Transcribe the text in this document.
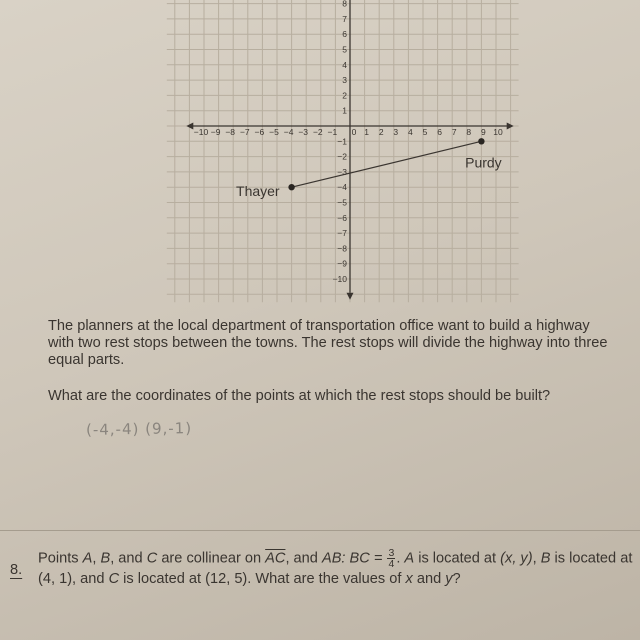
−10 −9 −8 −7 −6 −5 −4 −3 −2 −1 0 1 2 3 4 5 6 7 8 9 10
8
7
6
5
4
3
2
1
−1
−2
−3
−4
−5
−6
−7
−8
−9
−10
Thayer
Purdy

The planners at the local department of transportation office want to build a highway with two rest stops between the towns. The rest stops will divide the highway into three equal parts.

What are the coordinates of the points at which the rest stops should be built?

(-4,-4) (9,-1)
8.
Points A, B, and C are collinear on $\overline{AC}$, and AB: BC = $\frac{3}{4}$ . A is located at (x, y), B is located at (4, 1), and C is located at (12, 5). What are the values of x and y?
